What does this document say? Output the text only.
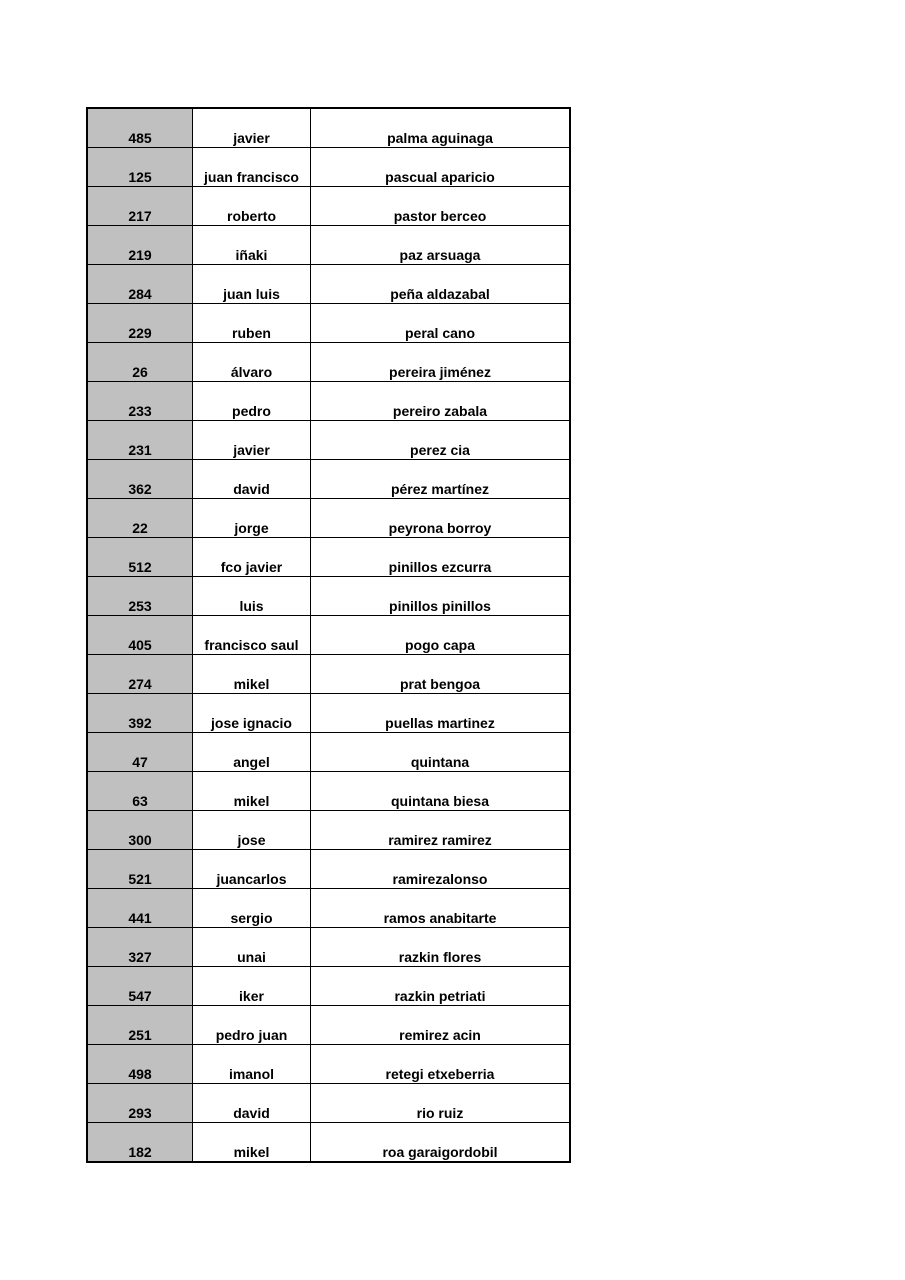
485	javier	palma aguinaga
125	juan francisco	pascual aparicio
217	roberto	pastor berceo
219	iñaki	paz arsuaga
284	juan luis	peña aldazabal
229	ruben	peral cano
26	álvaro	pereira jiménez
233	pedro	pereiro zabala
231	javier	perez cia
362	david	pérez martínez
22	jorge	peyrona borroy
512	fco javier	pinillos ezcurra
253	luis	pinillos pinillos
405	francisco saul	pogo capa
274	mikel	prat bengoa
392	jose ignacio	puellas martinez
47	angel	quintana
63	mikel	quintana biesa
300	jose	ramirez ramirez
521	juancarlos	ramirezalonso
441	sergio	ramos anabitarte
327	unai	razkin flores
547	iker	razkin petriati
251	pedro juan	remirez acin
498	imanol	retegi etxeberria
293	david	rio ruiz
182	mikel	roa garaigordobil
